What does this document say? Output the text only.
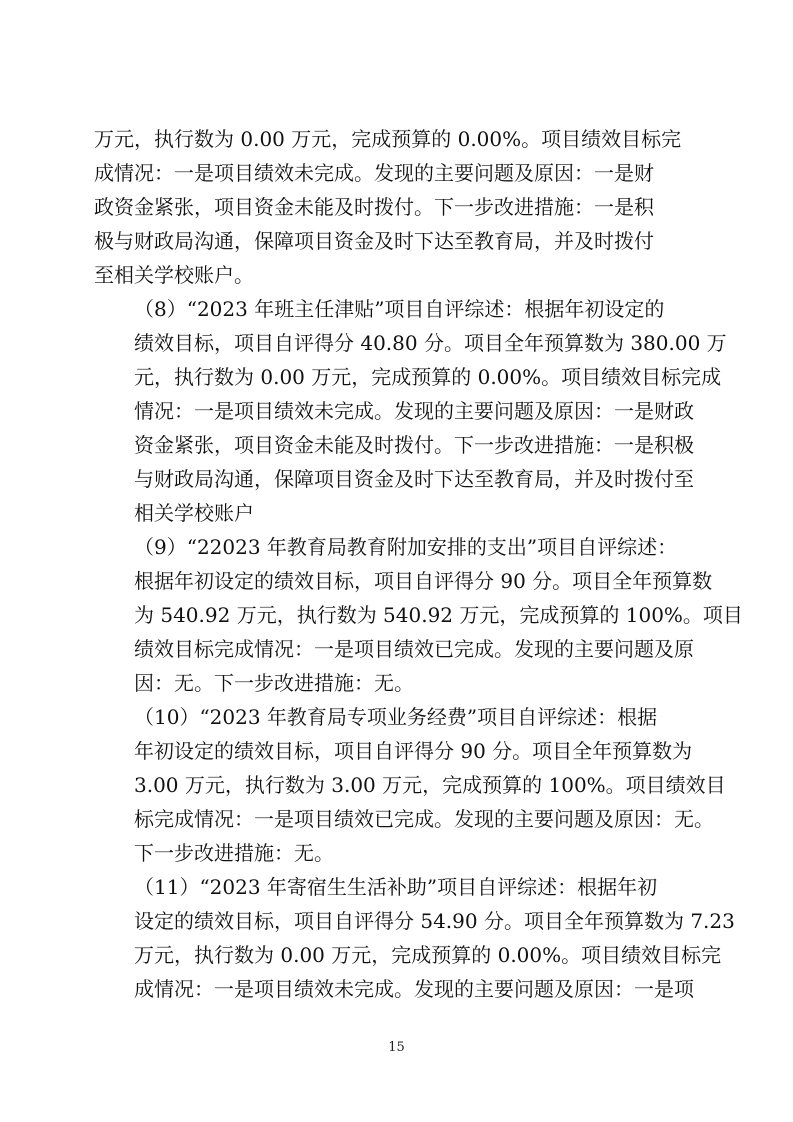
万元，执行数为 0.00 万元，完成预算的 0.00%。项目绩效目标完
成情况：一是项目绩效未完成。发现的主要问题及原因：一是财
政资金紧张，项目资金未能及时拨付。下一步改进措施：一是积
极与财政局沟通，保障项目资金及时下达至教育局，并及时拨付
至相关学校账户。

（8）“2023 年班主任津贴”项目自评综述：根据年初设定的
绩效目标，项目自评得分 40.80 分。项目全年预算数为 380.00 万
元，执行数为 0.00 万元，完成预算的 0.00%。项目绩效目标完成
情况：一是项目绩效未完成。发现的主要问题及原因：一是财政
资金紧张，项目资金未能及时拨付。下一步改进措施：一是积极
与财政局沟通，保障项目资金及时下达至教育局，并及时拨付至
相关学校账户

（9）“22023 年教育局教育附加安排的支出”项目自评综述：
根据年初设定的绩效目标，项目自评得分 90 分。项目全年预算数
为 540.92 万元，执行数为 540.92 万元，完成预算的 100%。项目
绩效目标完成情况：一是项目绩效已完成。发现的主要问题及原
因：无。下一步改进措施：无。

（10）“2023 年教育局专项业务经费”项目自评综述：根据
年初设定的绩效目标，项目自评得分 90 分。项目全年预算数为
3.00 万元，执行数为 3.00 万元，完成预算的 100%。项目绩效目
标完成情况：一是项目绩效已完成。发现的主要问题及原因：无。
下一步改进措施：无。

（11）“2023 年寄宿生生活补助”项目自评综述：根据年初
设定的绩效目标，项目自评得分 54.90 分。项目全年预算数为 7.23
万元，执行数为 0.00 万元，完成预算的 0.00%。项目绩效目标完
成情况：一是项目绩效未完成。发现的主要问题及原因：一是项

15
